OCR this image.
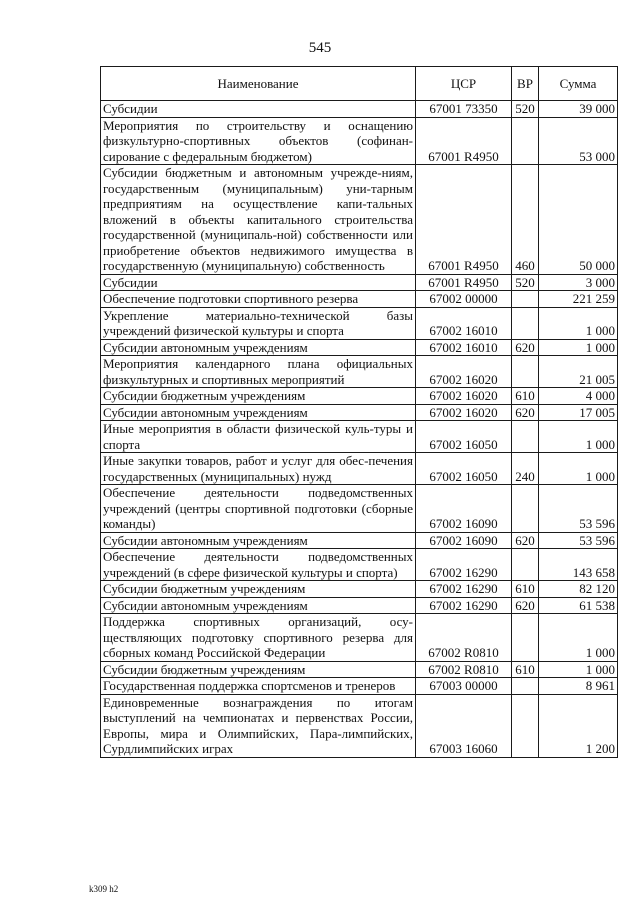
545
Наименование	ЦСР	ВР	Сумма
Субсидии	67001 73350	520	39 000
Мероприятия по строительству и оснащению физкультурно-спортивных объектов (софинан-сирование с федеральным бюджетом)	67001 R4950		53 000
Субсидии бюджетным и автономным учрежде-ниям, государственным (муниципальным) уни-тарным предприятиям на осуществление капи-тальных вложений в объекты капитального строительства государственной (муниципаль-ной) собственности или приобретение объектов недвижимого имущества в государственную (муниципальную) собственность	67001 R4950	460	50 000
Субсидии	67001 R4950	520	3 000
Обеспечение подготовки спортивного резерва	67002 00000		221 259
Укрепление материально-технической базы учреждений физической культуры и спорта	67002 16010		1 000
Субсидии автономным учреждениям	67002 16010	620	1 000
Мероприятия календарного плана официальных физкультурных и спортивных мероприятий	67002 16020		21 005
Субсидии бюджетным учреждениям	67002 16020	610	4 000
Субсидии автономным учреждениям	67002 16020	620	17 005
Иные мероприятия в области физической куль-туры и спорта	67002 16050		1 000
Иные закупки товаров, работ и услуг для обес-печения государственных (муниципальных) нужд	67002 16050	240	1 000
Обеспечение деятельности подведомственных учреждений (центры спортивной подготовки (сборные команды)	67002 16090		53 596
Субсидии автономным учреждениям	67002 16090	620	53 596
Обеспечение деятельности подведомственных учреждений (в сфере физической культуры и спорта)	67002 16290		143 658
Субсидии бюджетным учреждениям	67002 16290	610	82 120
Субсидии автономным учреждениям	67002 16290	620	61 538
Поддержка спортивных организаций, осу-ществляющих подготовку спортивного резерва для сборных команд Российской Федерации	67002 R0810		1 000
Субсидии бюджетным учреждениям	67002 R0810	610	1 000
Государственная поддержка спортсменов и тренеров	67003 00000		8 961
Единовременные вознаграждения по итогам выступлений на чемпионатах и первенствах России, Европы, мира и Олимпийских, Пара-лимпийских, Сурдлимпийских играх	67003 16060		1 200
k309 h2
